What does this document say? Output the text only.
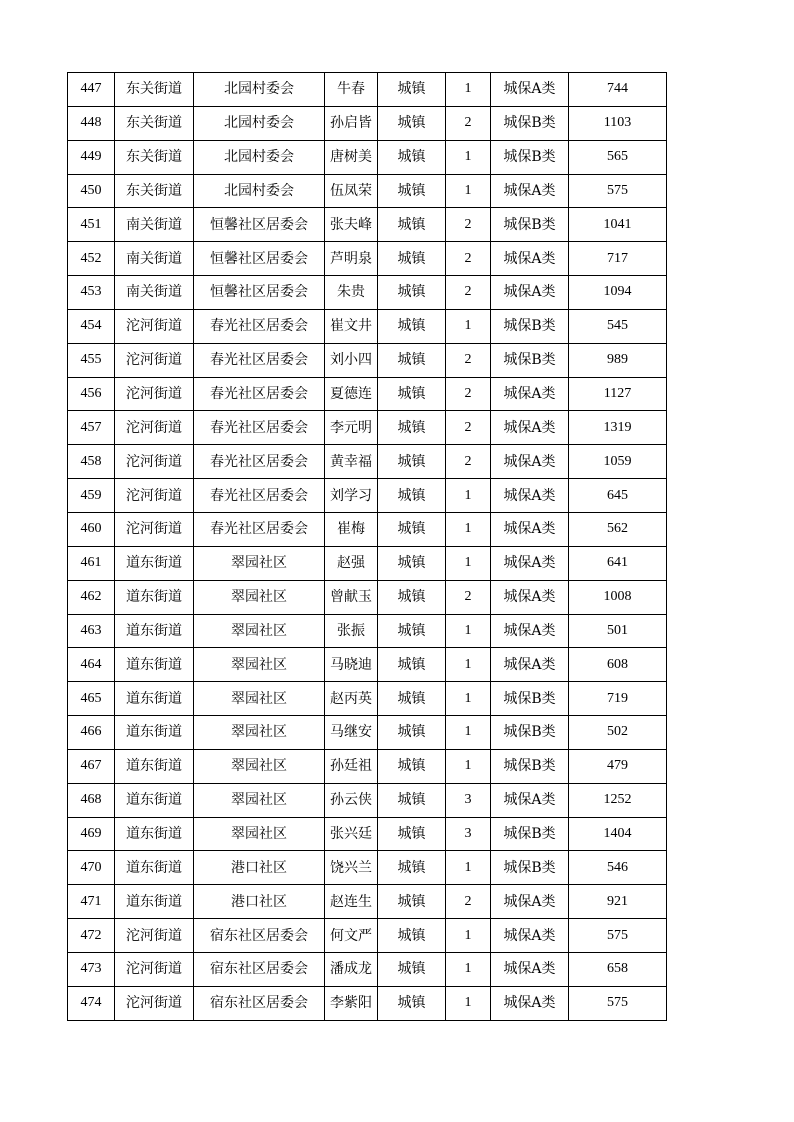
447	东关街道	北园村委会	牛春	城镇	1	城保A类	744
448	东关街道	北园村委会	孙启皆	城镇	2	城保B类	1103
449	东关街道	北园村委会	唐树美	城镇	1	城保B类	565
450	东关街道	北园村委会	伍凤荣	城镇	1	城保A类	575
451	南关街道	恒馨社区居委会	张夫峰	城镇	2	城保B类	1041
452	南关街道	恒馨社区居委会	芦明泉	城镇	2	城保A类	717
453	南关街道	恒馨社区居委会	朱贵	城镇	2	城保A类	1094
454	沱河街道	春光社区居委会	崔文井	城镇	1	城保B类	545
455	沱河街道	春光社区居委会	刘小四	城镇	2	城保B类	989
456	沱河街道	春光社区居委会	夏德连	城镇	2	城保A类	1127
457	沱河街道	春光社区居委会	李元明	城镇	2	城保A类	1319
458	沱河街道	春光社区居委会	黄幸福	城镇	2	城保A类	1059
459	沱河街道	春光社区居委会	刘学习	城镇	1	城保A类	645
460	沱河街道	春光社区居委会	崔梅	城镇	1	城保A类	562
461	道东街道	翠园社区	赵强	城镇	1	城保A类	641
462	道东街道	翠园社区	曾献玉	城镇	2	城保A类	1008
463	道东街道	翠园社区	张振	城镇	1	城保A类	501
464	道东街道	翠园社区	马晓迪	城镇	1	城保A类	608
465	道东街道	翠园社区	赵丙英	城镇	1	城保B类	719
466	道东街道	翠园社区	马继安	城镇	1	城保B类	502
467	道东街道	翠园社区	孙廷祖	城镇	1	城保B类	479
468	道东街道	翠园社区	孙云侠	城镇	3	城保A类	1252
469	道东街道	翠园社区	张兴廷	城镇	3	城保B类	1404
470	道东街道	港口社区	饶兴兰	城镇	1	城保B类	546
471	道东街道	港口社区	赵连生	城镇	2	城保A类	921
472	沱河街道	宿东社区居委会	何文严	城镇	1	城保A类	575
473	沱河街道	宿东社区居委会	潘成龙	城镇	1	城保A类	658
474	沱河街道	宿东社区居委会	李紫阳	城镇	1	城保A类	575
